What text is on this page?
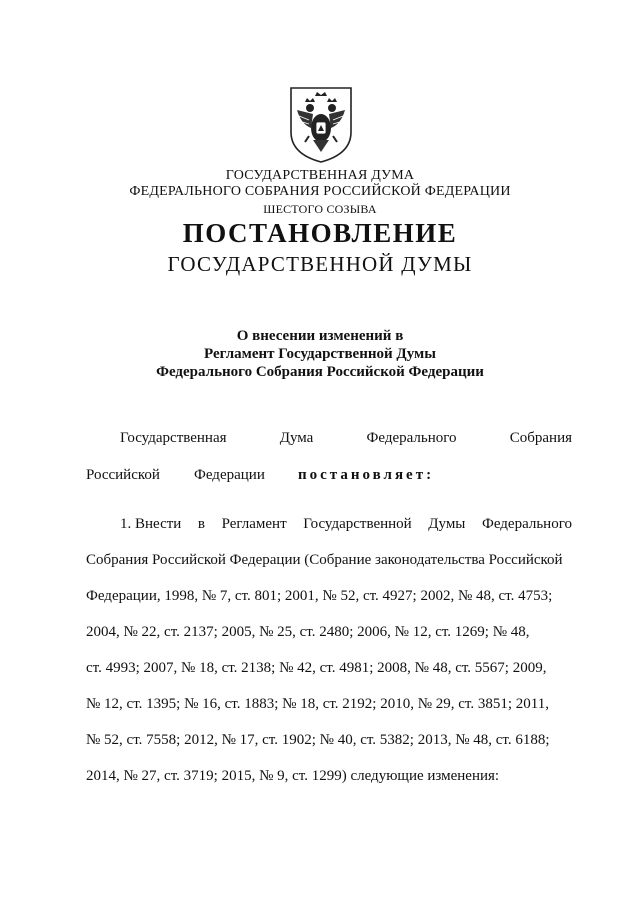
ГОСУДАРСТВЕННАЯ ДУМА
ФЕДЕРАЛЬНОГО СОБРАНИЯ РОССИЙСКОЙ ФЕДЕРАЦИИ
ШЕСТОГО СОЗЫВА
ПОСТАНОВЛЕНИЕ
ГОСУДАРСТВЕННОЙ ДУМЫ
О внесении изменений в
Регламент Государственной Думы
Федерального Собрания Российской Федерации
Государственная	Дума	Федерального	Собрания
Российской	Федерации	постановляет:
1. Внести в Регламент Государственной Думы Федерального
Собрания Российской Федерации (Собрание законодательства Российской
Федерации, 1998, № 7, ст. 801; 2001, № 52, ст. 4927; 2002, № 48, ст. 4753;
2004, № 22, ст. 2137; 2005, № 25, ст. 2480; 2006, № 12, ст. 1269; № 48,
ст. 4993; 2007, № 18, ст. 2138; № 42, ст. 4981; 2008, № 48, ст. 5567; 2009,
№ 12, ст. 1395; № 16, ст. 1883; № 18, ст. 2192; 2010, № 29, ст. 3851; 2011,
№ 52, ст. 7558; 2012, № 17, ст. 1902; № 40, ст. 5382; 2013, № 48, ст. 6188;
2014, № 27, ст. 3719; 2015, № 9, ст. 1299) следующие изменения:
